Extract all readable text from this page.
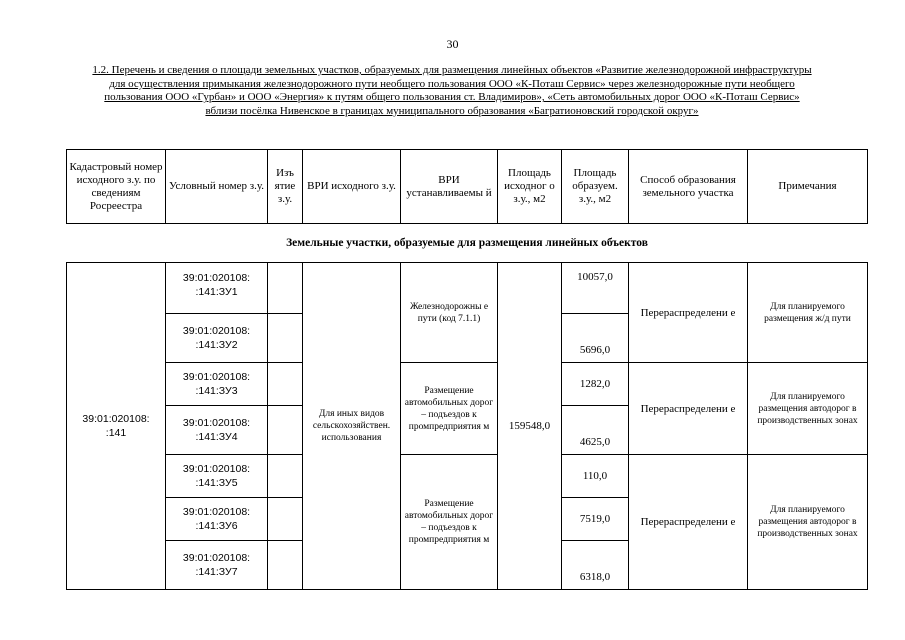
30
1.2. Перечень и сведения о площади земельных участков, образуемых для размещения линейных объектов «Развитие железнодорожной инфраструктуры для осуществления примыкания железнодорожного пути необщего пользования ООО «К-Поташ Сервис» через железнодорожные пути необщего пользования ООО «Гурбан» и ООО «Энергия» к путям общего пользования ст. Владимиров», «Сеть автомобильных дорог ООО «К-Поташ Сервис» вблизи посёлка Нивенское в границах муниципального образования «Багратионовский городской округ»
Кадастровый номер исходного з.у. по сведениям Росреестра	Условный номер з.у.	Изъ ятие з.у.	ВРИ исходного з.у.	ВРИ устанавливаемы й	Площадь исходног о з.у., м2	Площадь образуем. з.у., м2	Способ образования земельного участка	Примечания
Земельные участки, образуемые для размещения линейных объектов								
39:01:020108:
:141	39:01:020108:
:141:ЗУ1		Для иных видов сельскохозяйствен. использования	Железнодорожны е пути (код 7.1.1)	159548,0	10057,0	Перераспределени е	Для планируемого размещения ж/д пути
	39:01:020108:
:141:ЗУ2					5696,0		
	39:01:020108:
:141:ЗУ3			Размещение автомобильных дорог – подъездов к промпредприятия м		1282,0	Перераспределени е	Для планируемого размещения автодорог в производственных зонах
	39:01:020108:
:141:ЗУ4					4625,0		
	39:01:020108:
:141:ЗУ5			Размещение автомобильных дорог – подъездов к промпредприятия м		110,0	Перераспределени е	Для планируемого размещения автодорог в производственных зонах
	39:01:020108:
:141:ЗУ6					7519,0		
	39:01:020108:
:141:ЗУ7					6318,0		
